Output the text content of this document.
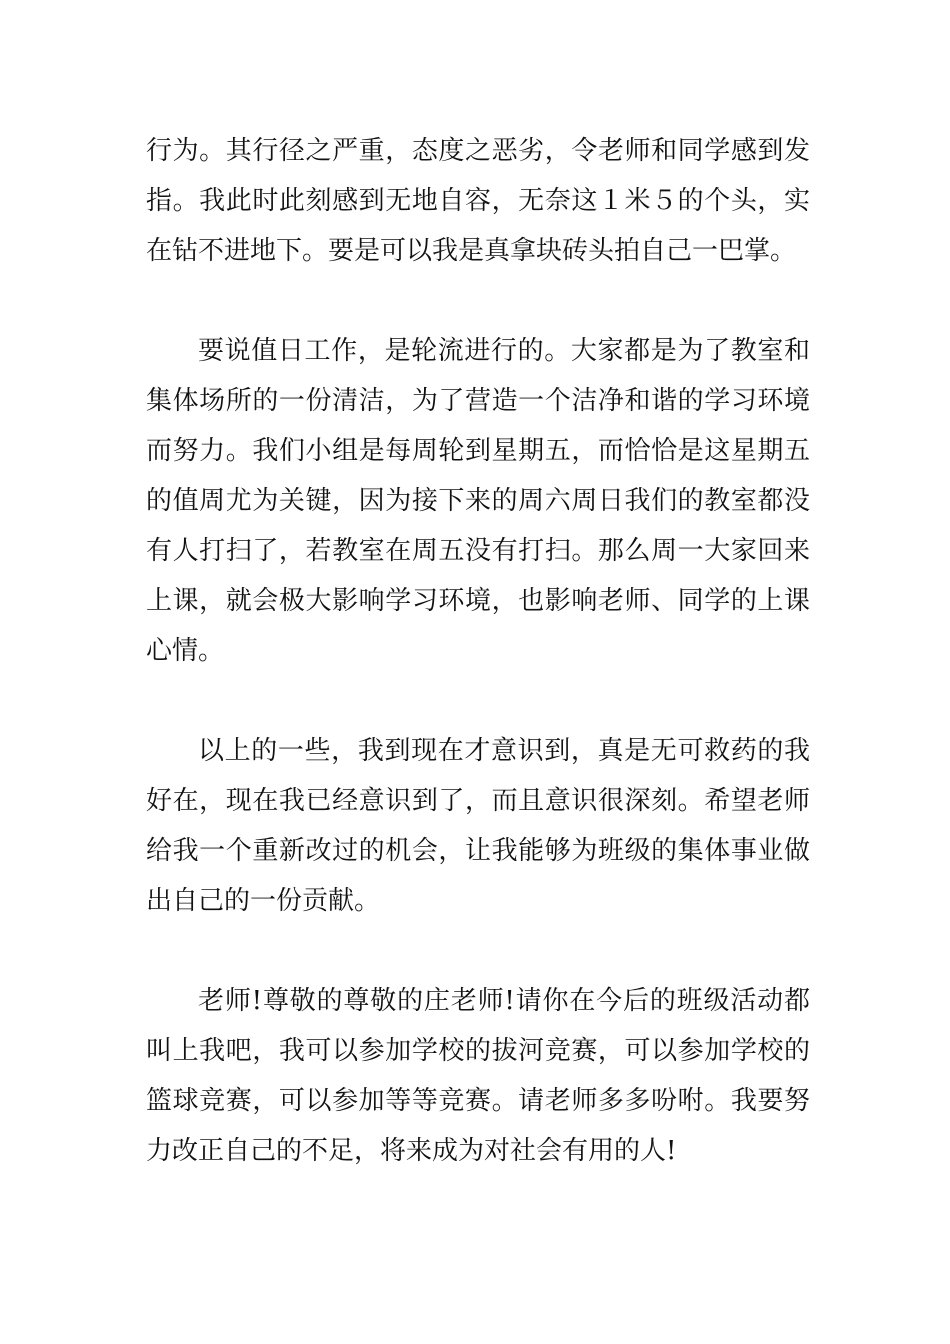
行为。其行径之严重，态度之恶劣，令老师和同学感到发指。我此时此刻感到无地自容，无奈这１米５的个头，实在钻不进地下。要是可以我是真拿块砖头拍自己一巴掌。

要说值日工作，是轮流进行的。大家都是为了教室和集体场所的一份清洁，为了营造一个洁净和谐的学习环境而努力。我们小组是每周轮到星期五，而恰恰是这星期五的值周尤为关键，因为接下来的周六周日我们的教室都没有人打扫了，若教室在周五没有打扫。那么周一大家回来上课，就会极大影响学习环境，也影响老师、同学的上课心情。

以上的一些，我到现在才意识到，真是无可救药的我好在，现在我已经意识到了，而且意识很深刻。希望老师给我一个重新改过的机会，让我能够为班级的集体事业做出自己的一份贡献。

老师!尊敬的尊敬的庄老师!请你在今后的班级活动都叫上我吧，我可以参加学校的拔河竞赛，可以参加学校的篮球竞赛，可以参加等等竞赛。请老师多多吩咐。我要努力改正自己的不足，将来成为对社会有用的人!
